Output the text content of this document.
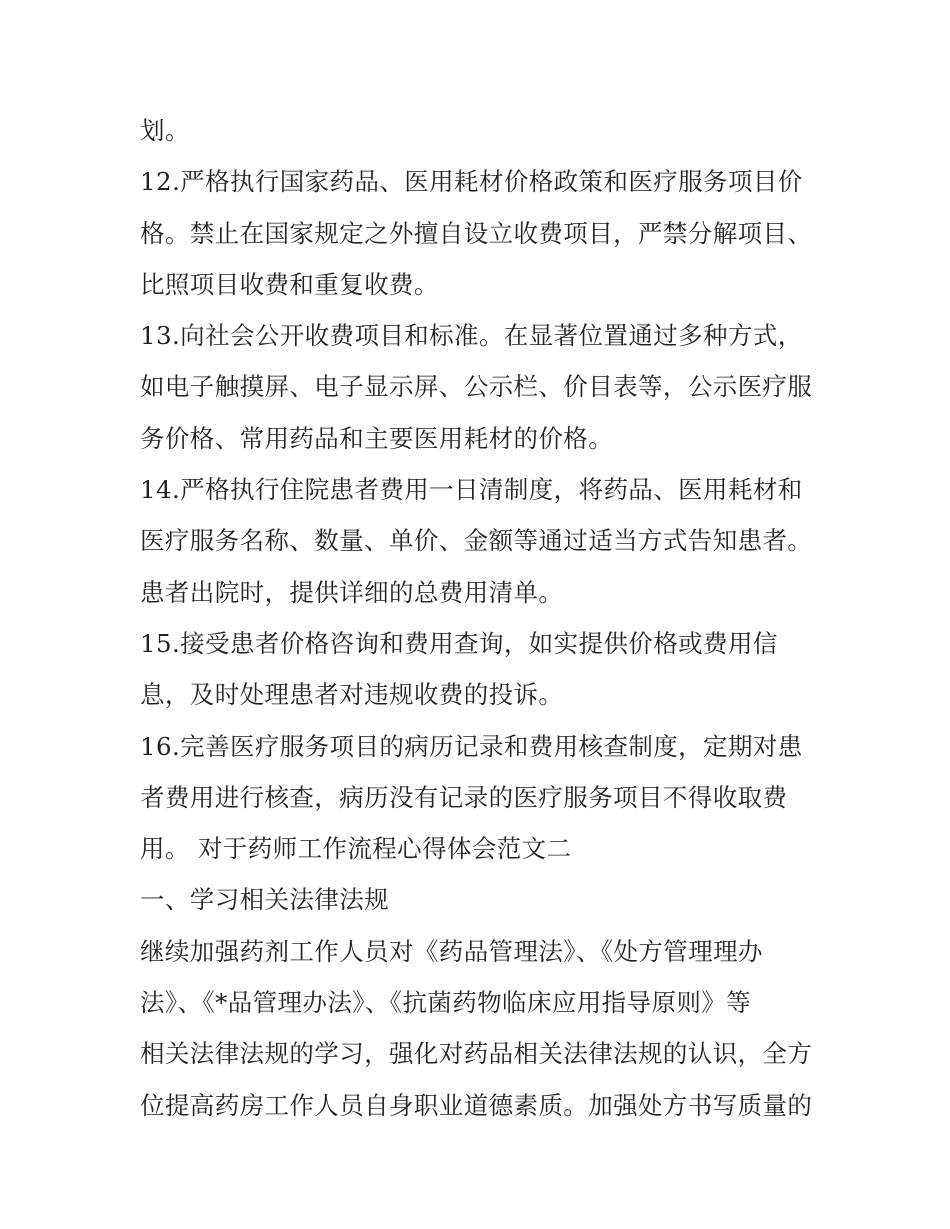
划。
12.严格执行国家药品、医用耗材价格政策和医疗服务项目价
格。禁止在国家规定之外擅自设立收费项目，严禁分解项目、
比照项目收费和重复收费。
13.向社会公开收费项目和标准。在显著位置通过多种方式，
如电子触摸屏、电子显示屏、公示栏、价目表等，公示医疗服
务价格、常用药品和主要医用耗材的价格。
14.严格执行住院患者费用一日清制度，将药品、医用耗材和
医疗服务名称、数量、单价、金额等通过适当方式告知患者。
患者出院时，提供详细的总费用清单。
15.接受患者价格咨询和费用查询，如实提供价格或费用信
息，及时处理患者对违规收费的投诉。
16.完善医疗服务项目的病历记录和费用核查制度，定期对患
者费用进行核查，病历没有记录的医疗服务项目不得收取费
用。 对于药师工作流程心得体会范文二
一、学习相关法律法规
继续加强药剂工作人员对《药品管理法》、《处方管理理办
法》、《*品管理办法》、《抗菌药物临床应用指导原则》等
相关法律法规的学习，强化对药品相关法律法规的认识，全方
位提高药房工作人员自身职业道德素质。加强处方书写质量的
